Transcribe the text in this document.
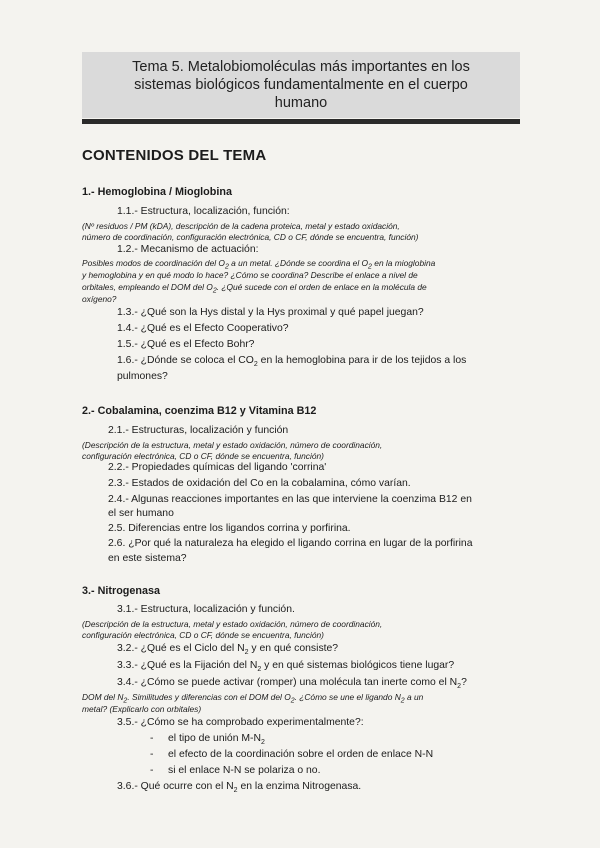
Tema 5. Metalobiomoléculas más importantes en los
sistemas biológicos fundamentalmente en el cuerpo
humano
CONTENIDOS DEL TEMA
1.- Hemoglobina / Mioglobina
1.1.- Estructura, localización, función:
(Nº residuos / PM (kDA), descripción de la cadena proteica, metal y estado oxidación,
número de coordinación, configuración electrónica, CD o CF, dónde se encuentra, función)
1.2.- Mecanismo de actuación:
Posibles modos de coordinación del $O_2$ a un metal. ¿Dónde se coordina el $O_2$ en la mioglobina
y hemoglobina y en qué modo lo hace? ¿Cómo se coordina? Describe el enlace a nivel de
orbitales, empleando el DOM del $O_2$. ¿Qué sucede con el orden de enlace en la molécula de
oxígeno?
1.3.- ¿Qué son la Hys distal y la Hys proximal y qué papel juegan?
1.4.- ¿Qué es el Efecto Cooperativo?
1.5.- ¿Qué es el Efecto Bohr?
1.6.- ¿Dónde se coloca el $CO_2$ en la hemoglobina para ir de los tejidos a los
pulmones?
2.- Cobalamina, coenzima B12 y Vitamina B12
2.1.- Estructuras, localización y función
(Descripción de la estructura, metal y estado oxidación, número de coordinación,
configuración electrónica, CD o CF, dónde se encuentra, función)
2.2.- Propiedades químicas del ligando 'corrina'
2.3.- Estados de oxidación del Co en la cobalamina, cómo varían.
2.4.- Algunas reacciones importantes en las que interviene la coenzima B12 en
el ser humano
2.5. Diferencias entre los ligandos corrina y porfirina.
2.6. ¿Por qué la naturaleza ha elegido el ligando corrina en lugar de la porfirina
en este sistema?
3.- Nitrogenasa
3.1.- Estructura, localización y función.
(Descripción de la estructura, metal y estado oxidación, número de coordinación,
configuración electrónica, CD o CF, dónde se encuentra, función)
3.2.- ¿Qué es el Ciclo del $N_2$ y en qué consiste?
3.3.- ¿Qué es la Fijación del $N_2$ y en qué sistemas biológicos tiene lugar?
3.4.- ¿Cómo se puede activar (romper) una molécula tan inerte como el $N_2$?
DOM del $N_2$. Similitudes y diferencias con el DOM del $O_2$. ¿Cómo se une el ligando $N_2$ a un
metal? (Explicarlo con orbitales)
3.5.- ¿Cómo se ha comprobado experimentalmente?:
- el tipo de unión $M-N_2$
- el efecto de la coordinación sobre el orden de enlace N-N
- si el enlace N-N se polariza o no.
3.6.- Qué ocurre con el $N_2$ en la enzima Nitrogenasa.
